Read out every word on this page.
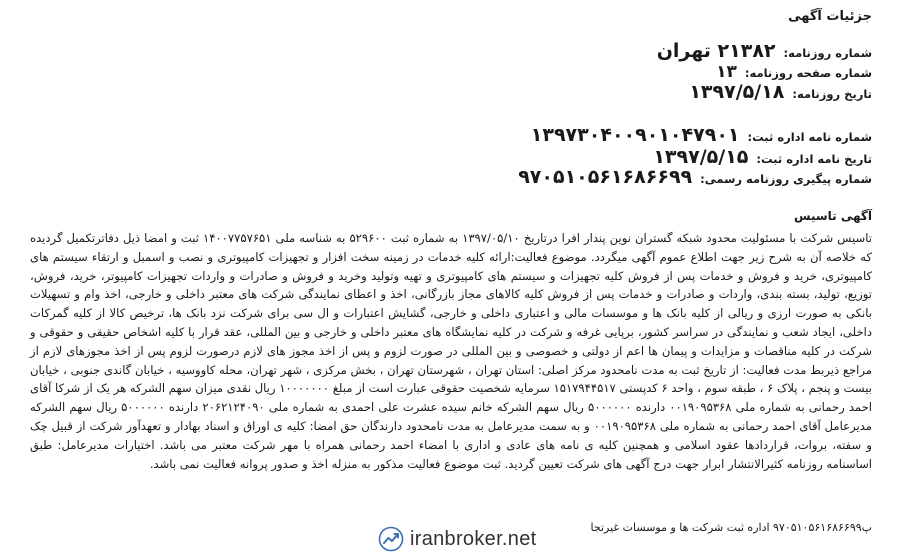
جزئیات آگهی
شماره روزنامه: ۲۱۳۸۲ تهران
شماره صفحه روزنامه: ۱۳
تاریخ روزنامه: ۱۳۹۷/۵/۱۸
شماره نامه اداره ثبت: ۱۳۹۷۳۰۴۰۰۹۰۱۰۴۷۹۰۱
تاریخ نامه اداره ثبت: ۱۳۹۷/۵/۱۵
شماره پیگیری روزنامه رسمی: ۹۷۰۵۱۰۵۶۱۶۸۶۶۹۹
آگهی تاسیس
تاسیس شرکت با مسئولیت محدود شبکه گستران نوین پندار افرا درتاریخ ۱۳۹۷/۰۵/۱۰ به شماره ثبت ۵۲۹۶۰۰ به شناسه ملی ۱۴۰۰۷۷۵۷۶۵۱ ثبت و امضا ذیل دفاترتکمیل گردیده که خلاصه آن به شرح زیر جهت اطلاع عموم آگهی میگردد. موضوع فعالیت:ارائه کلیه خدمات در زمینه سخت افزار و تجهیزات کامپیوتری و نصب و اسمبل و ارتقاء سیستم های کامپیوتری، خرید و فروش و خدمات پس از فروش کلیه تجهیزات و سیستم های کامپیوتری و تهیه وتولید وخرید و فروش و صادرات و واردات تجهیزات کامپیوتر، خرید، فروش، توزیع، تولید، بسته بندی، واردات و صادرات و خدمات پس از فروش کلیه کالاهای مجاز بازرگانی، اخذ و اعطای نمایندگی شرکت های معتبر داخلی و خارجی، اخذ وام و تسهیلات بانکی به صورت ارزی و ریالی از کلیه بانک ها و موسسات مالی و اعتباری داخلی و خارجی، گشایش اعتبارات و ال سی برای شرکت نزد بانک ها، ترخیص کالا از کلیه گمرکات داخلی، ایجاد شعب و نمایندگی در سراسر کشور، برپایی غرفه و شرکت در کلیه نمایشگاه های معتبر داخلی و خارجی و بین المللی، عقد قرار با کلیه اشخاص حقیقی و حقوقی و شرکت در کلیه مناقصات و مزایدات و پیمان ها اعم از دولتی و خصوصی و بین المللی در صورت لزوم و پس از اخذ مجوز های لازم درصورت لزوم پس از اخذ مجوزهای لازم از مراجع ذیربط مدت فعالیت: از تاریخ ثبت به مدت نامحدود مرکز اصلی: استان تهران ، شهرستان تهران ، بخش مرکزی ، شهر تهران، محله کاووسیه ، خیابان گاندی جنوبی ، خیابان بیست و پنجم ، پلاک ۶ ، طبقه سوم ، واحد ۶ کدپستی ۱۵۱۷۹۴۴۵۱۷ سرمایه شخصیت حقوقی عبارت است از مبلغ ۱۰۰۰۰۰۰۰ ریال نقدی میزان سهم الشرکه هر یک از شرکا آقای احمد رحمانی به شماره ملی ۰۰۱۹۰۹۵۳۶۸ دارنده ۵۰۰۰۰۰۰ ریال سهم الشرکه خانم سیده عشرت علی احمدی به شماره ملی ۲۰۶۲۱۲۴۰۹۰ دارنده ۵۰۰۰۰۰۰ ریال سهم الشرکه مدیرعامل آقای احمد رحمانی به شماره ملی ۰۰۱۹۰۹۵۳۶۸ و به سمت مدیرعامل به مدت نامحدود دارندگان حق امضا: کلیه ی اوراق و اسناد بهادار و تعهدآور شرکت از قبیل چک و سفته، بروات، قراردادها عقود اسلامی و همچنین کلیه ی نامه های عادی و اداری با امضاء احمد رحمانی همراه با مهر شرکت معتبر می باشد. اختیارات مدیرعامل: طبق اساسنامه روزنامه کثیرالانتشار ابرار جهت درج آگهی های شرکت تعیین گردید. ثبت موضوع فعالیت مذکور به منزله اخذ و صدور پروانه فعالیت نمی باشد.
پ۹۷۰۵۱۰۵۶۱۶۸۶۶۹۹ اداره ثبت شرکت ها و موسسات غیرتجا
iranbroker.net
